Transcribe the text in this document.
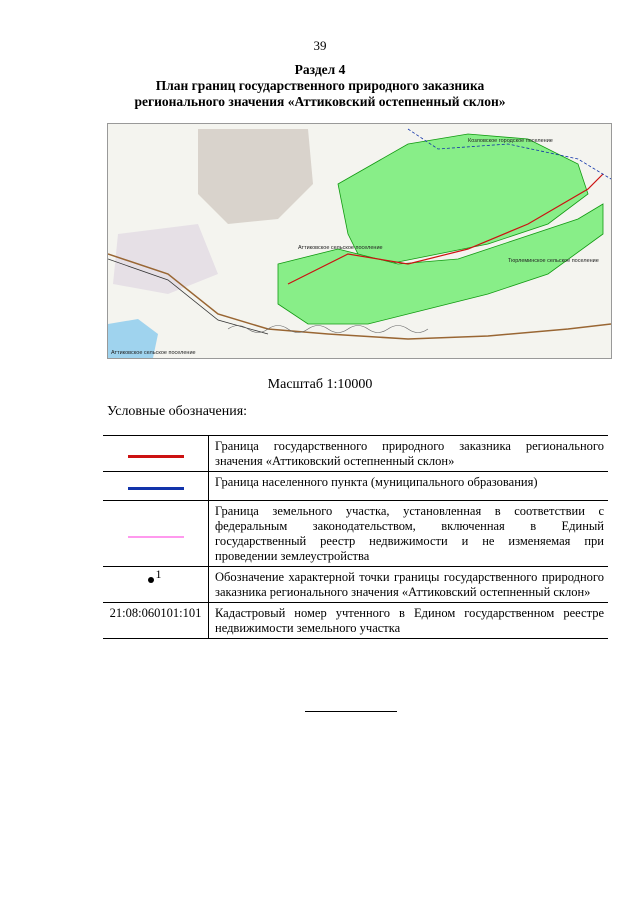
39
Раздел 4
План границ государственного природного заказника
регионального значения «Аттиковский остепненный склон»
Козловское городское поселение
Аттиковское сельское поселение
Тюрлеминское сельское поселение
Аттиковское сельское поселение
Масштаб 1:10000
Условные обозначения:
	Граница государственного природного заказника регионального значения «Аттиковский остепненный склон»
	Граница населенного пункта (муниципального образования)
	Граница земельного участка, установленная в соответствии с федеральным законодательством, включенная в Единый государственный реестр недвижимости и не изменяемая при проведении землеустройства

1	Обозначение характерной точки границы государственного природного заказника регионального значения «Аттиковский остепненный склон»
21:08:060101:101	Кадастровый номер учтенного в Едином государственном реестре недвижимости земельного участка
